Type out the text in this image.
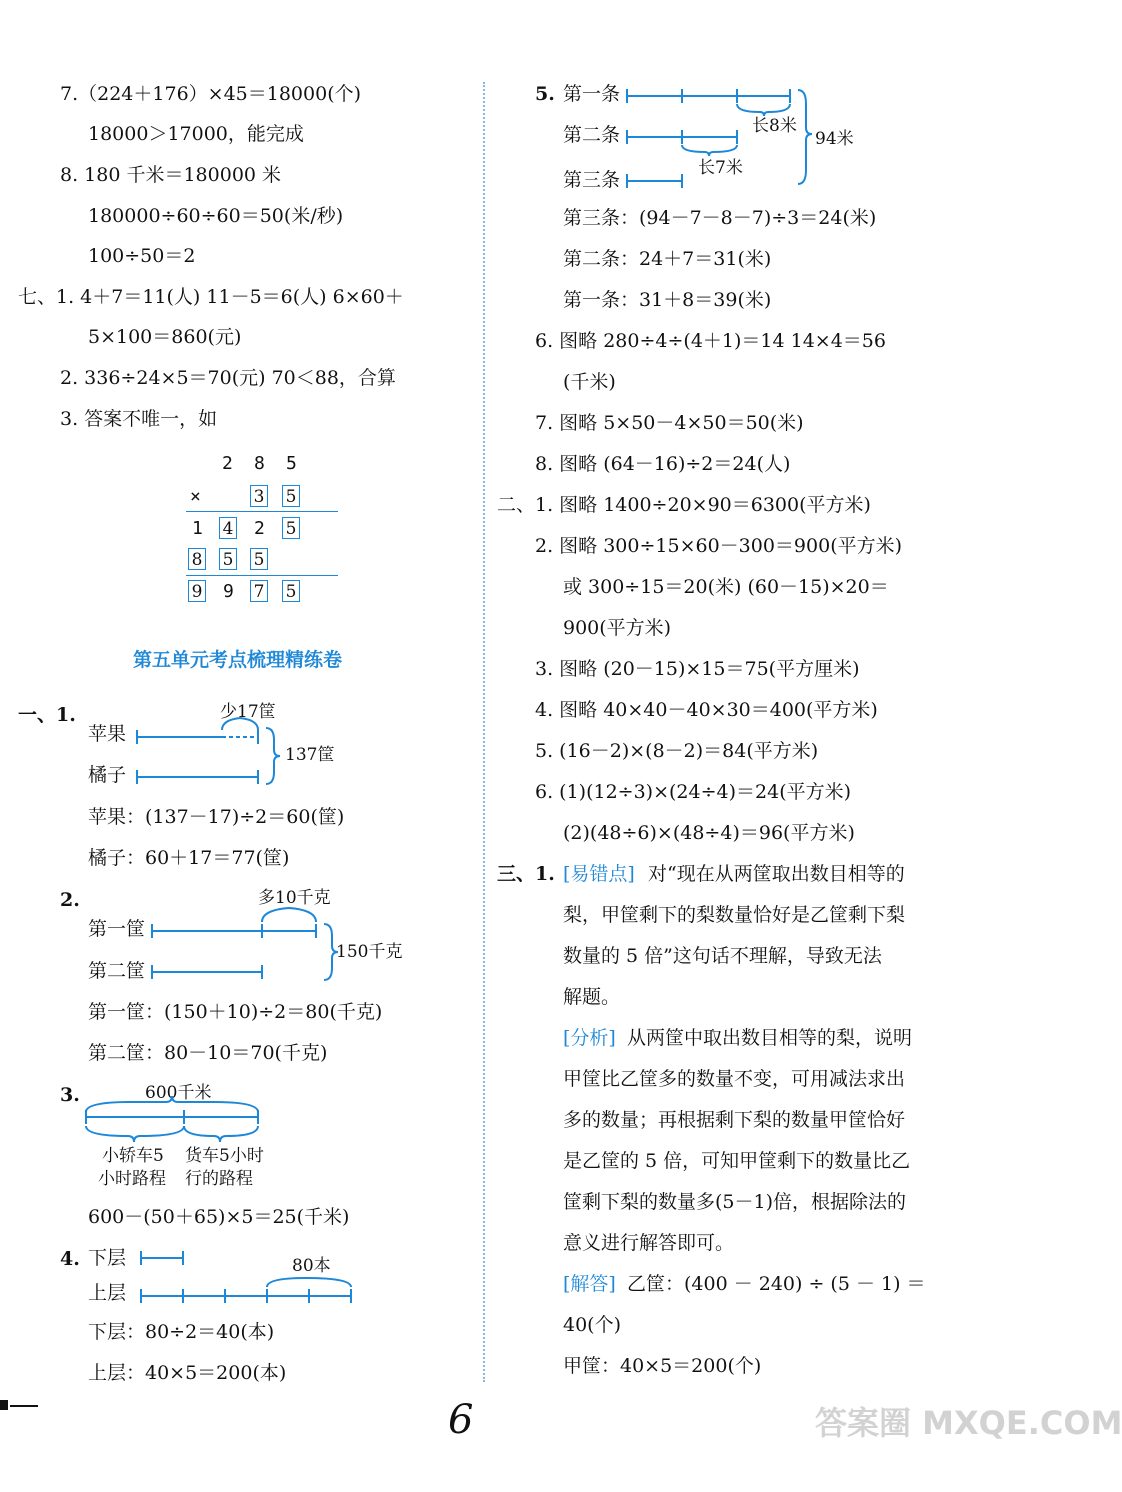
7.（224＋176）×45＝18000(个)
18000＞17000，能完成
8. 180 千米＝180000 米
180000÷60÷60＝50(米/秒)
100÷50＝2
七、1. 4＋7＝11(人) 11－5＝6(人) 6×60＋
5×100＝860(元)
2. 336÷24×5＝70(元) 70＜88，合算
3. 答案不唯一，如
2 8 5
×	3 5
1 4 2 5
8 5 5
9 9 7 5
第五单元考点梳理精练卷
一、1.	少17筐
苹果
橘子
137筐
苹果：(137－17)÷2＝60(筐)
橘子：60＋17＝77(筐)
2.	多10千克
第一筐
第二筐
150千克
第一筐：(150＋10)÷2＝80(千克)
第二筐：80－10＝70(千克)
3.	600千米
小轿车5
小时路程
货车5小时
行的路程
600－(50＋65)×5＝25(千米)
4. 下层
上层
80本
下层：80÷2＝40(本)
上层：40×5＝200(本)
5. 第一条
第二条
第三条
长8米
长7米
94米
第三条：(94－7－8－7)÷3＝24(米)
第二条：24＋7＝31(米)
第一条：31＋8＝39(米)
6. 图略 280÷4÷(4＋1)＝14 14×4＝56
(千米)
7. 图略 5×50－4×50＝50(米)
8. 图略 (64－16)÷2＝24(人)
二、1. 图略 1400÷20×90＝6300(平方米)
2. 图略 300÷15×60－300＝900(平方米)
或 300÷15＝20(米) (60－15)×20＝
900(平方米)
3. 图略 (20－15)×15＝75(平方厘米)
4. 图略 40×40－40×30＝400(平方米)
5. (16－2)×(8－2)＝84(平方米)
6. (1)(12÷3)×(24÷4)＝24(平方米)
(2)(48÷6)×(48÷4)＝96(平方米)
三、1. [易错点] 对“现在从两筐取出数目相等的
梨，甲筐剩下的梨数量恰好是乙筐剩下梨
数量的 5 倍”这句话不理解，导致无法
解题。
[分析] 从两筐中取出数目相等的梨，说明
甲筐比乙筐多的数量不变，可用减法求出
多的数量；再根据剩下梨的数量甲筐恰好
是乙筐的 5 倍，可知甲筐剩下的数量比乙
筐剩下梨的数量多(5－1)倍，根据除法的
意义进行解答即可。
[解答] 乙筐：(400 － 240) ÷ (5 － 1) ＝
40(个)
甲筐：40×5＝200(个)
6	答案圈 MXQE.COM
